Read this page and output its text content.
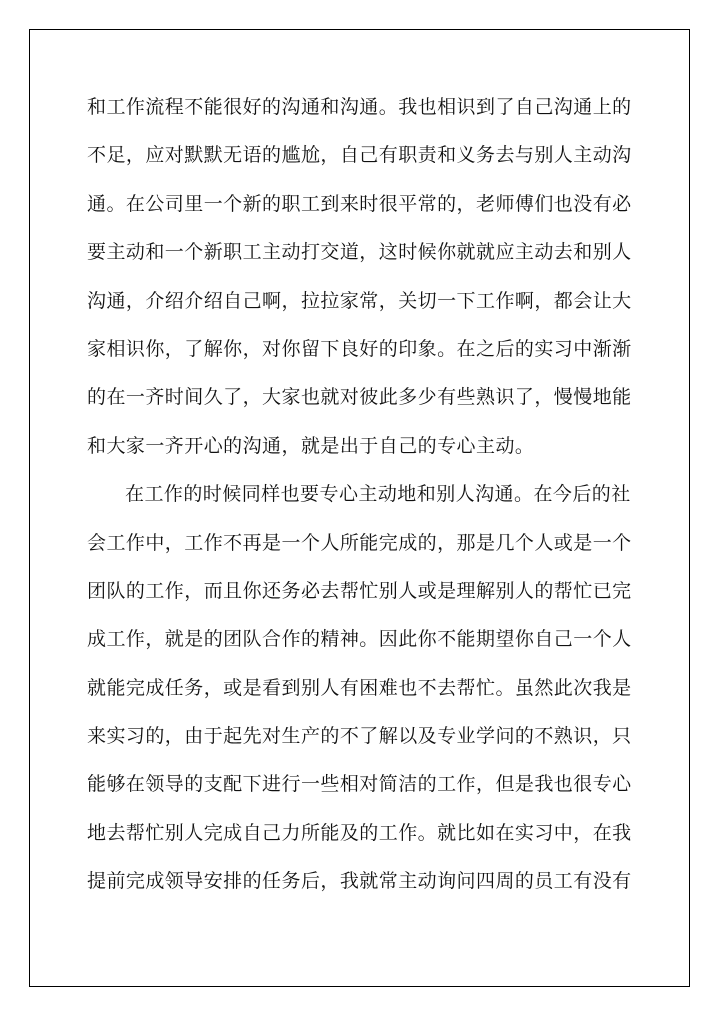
和工作流程不能很好的沟通和沟通。我也相识到了自己沟通上的
不足，应对默默无语的尴尬，自己有职责和义务去与别人主动沟
通。在公司里一个新的职工到来时很平常的，老师傅们也没有必
要主动和一个新职工主动打交道，这时候你就就应主动去和别人
沟通，介绍介绍自己啊，拉拉家常，关切一下工作啊，都会让大
家相识你，了解你，对你留下良好的印象。在之后的实习中渐渐
的在一齐时间久了，大家也就对彼此多少有些熟识了，慢慢地能
和大家一齐开心的沟通，就是出于自己的专心主动。
在工作的时候同样也要专心主动地和别人沟通。在今后的社
会工作中，工作不再是一个人所能完成的，那是几个人或是一个
团队的工作，而且你还务必去帮忙别人或是理解别人的帮忙已完
成工作，就是的团队合作的精神。因此你不能期望你自己一个人
就能完成任务，或是看到别人有困难也不去帮忙。虽然此次我是
来实习的，由于起先对生产的不了解以及专业学问的不熟识，只
能够在领导的支配下进行一些相对简洁的工作，但是我也很专心
地去帮忙别人完成自己力所能及的工作。就比如在实习中，在我
提前完成领导安排的任务后，我就常主动询问四周的员工有没有
